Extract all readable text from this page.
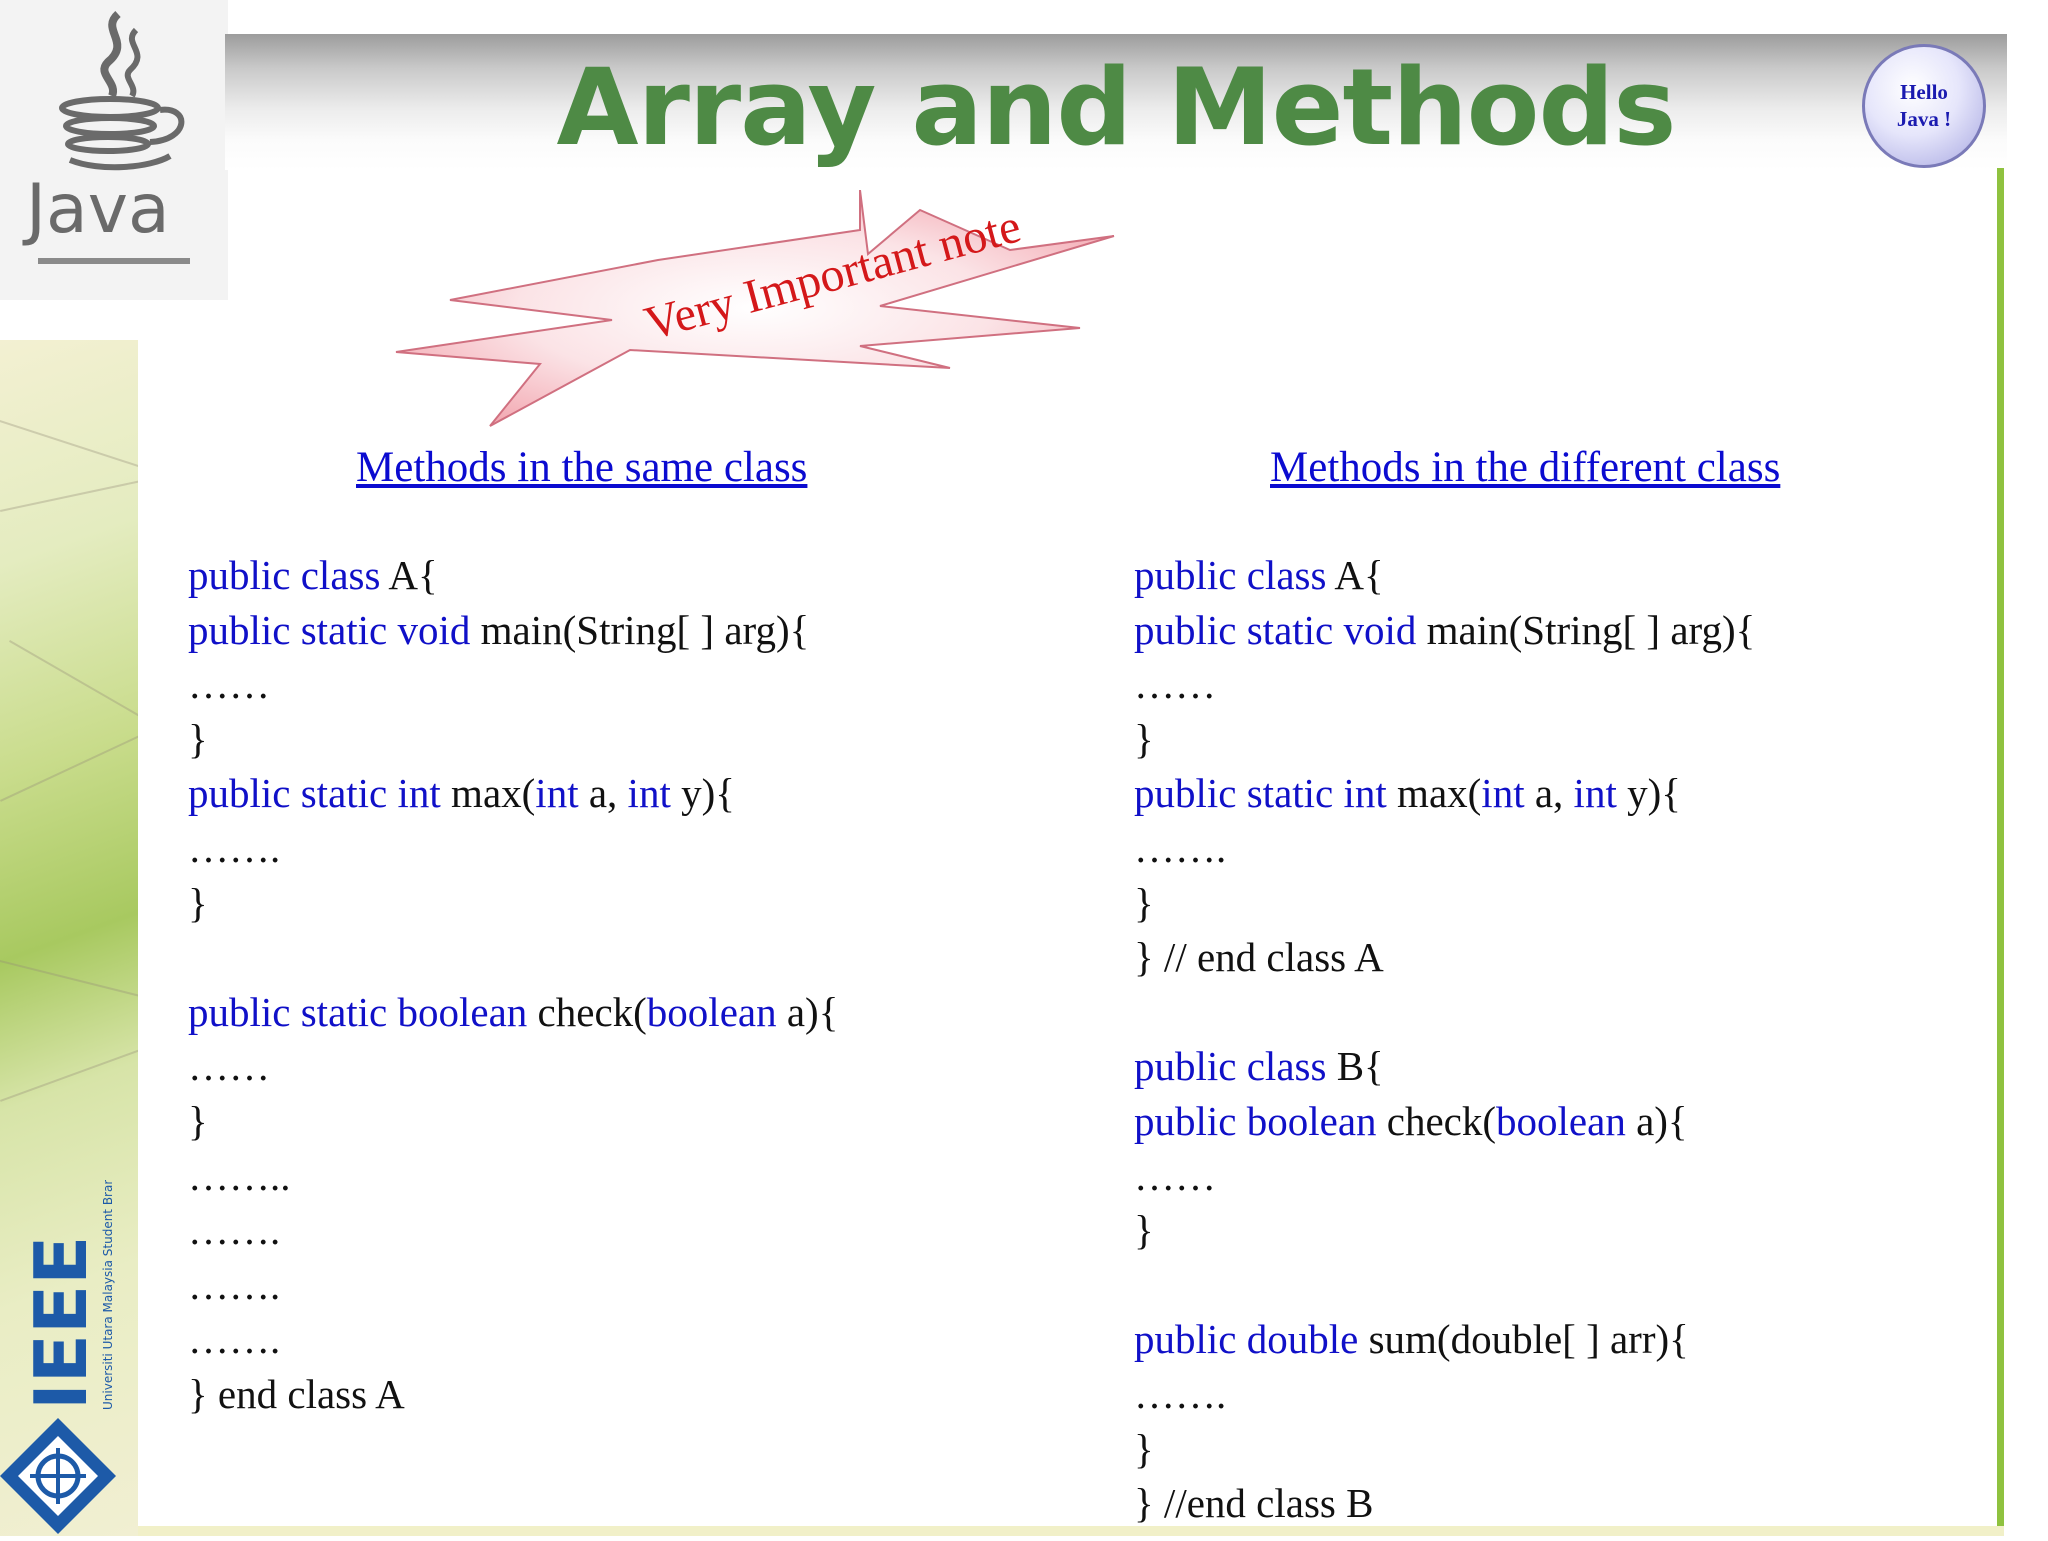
Java
IEEE
Universiti Utara Malaysia Student Branch
Array and Methods	Hello
Java !
Very Important note
Methods in the same class	Methods in the different class
public class A{
public static void main(String[ ] arg){
……
}
public static int max(int a, int y){
…….
}
public static boolean check(boolean a){
……
}
……..
…….
…….
…….
} end class A
public class A{
public static void main(String[ ] arg){
……
}
public static int max(int a, int y){
…….
}
} // end class A
public class B{
public boolean check(boolean a){
……
}
public double sum(double[ ] arr){
…….
}
} //end class B
